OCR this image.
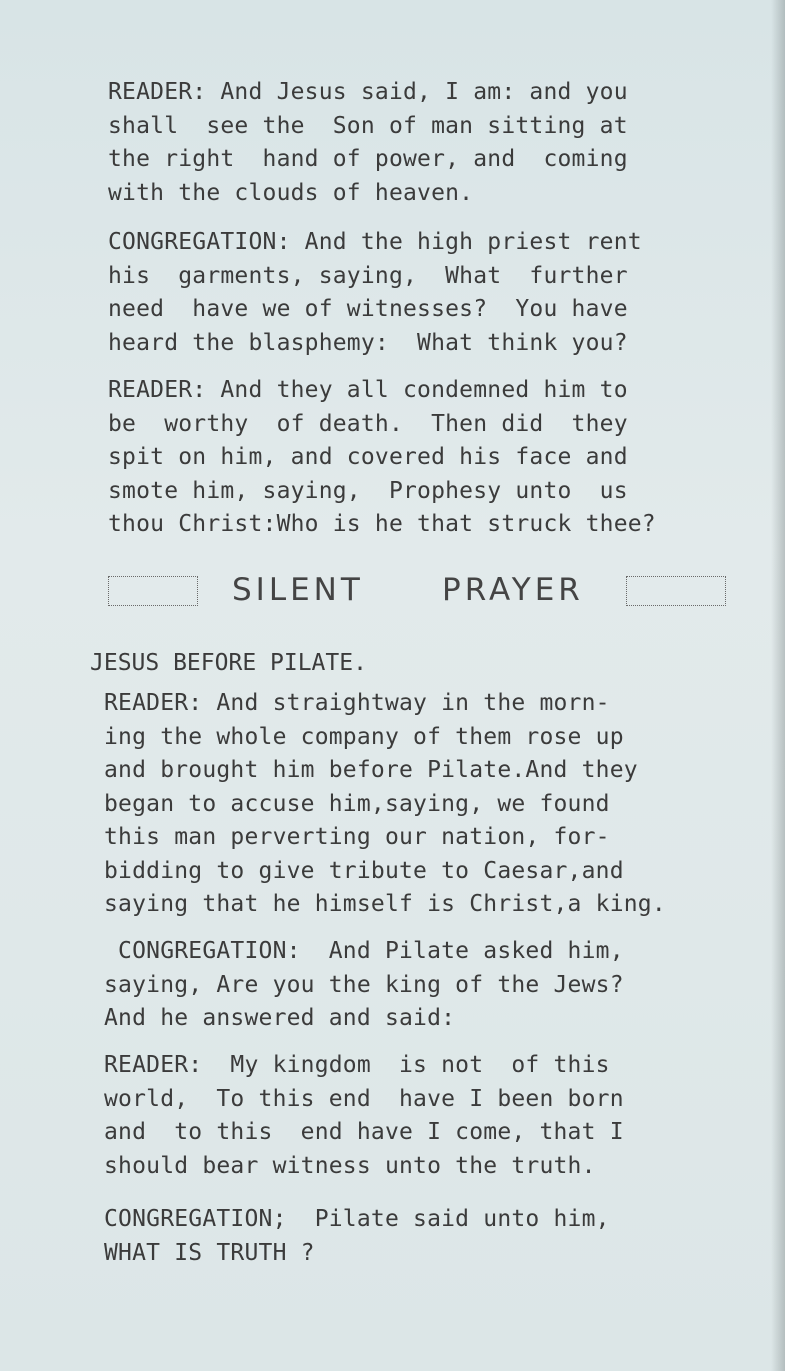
READER: And Jesus said, I am: and you
shall  see the  Son of man sitting at
the right  hand of power, and  coming
with the clouds of heaven.
CONGREGATION: And the high priest rent
his  garments, saying,  What  further
need  have we of witnesses?  You have
heard the blasphemy:  What think you?
READER: And they all condemned him to
be  worthy  of death.  Then did  they
spit on him, and covered his face and
smote him, saying,  Prophesy unto  us
thou Christ:Who is he that struck thee?
SILENT	PRAYER
JESUS BEFORE PILATE.
READER: And straightway in the morn-
ing the whole company of them rose up
and brought him before Pilate.And they
began to accuse him,saying, we found
this man perverting our nation, for-
bidding to give tribute to Caesar,and
saying that he himself is Christ,a king.
CONGREGATION:  And Pilate asked him,
saying, Are you the king of the Jews?
And he answered and said:
READER:  My kingdom  is not  of this
world,  To this end  have I been born
and  to this  end have I come, that I
should bear witness unto the truth.
CONGREGATION;  Pilate said unto him,
WHAT IS TRUTH ?
